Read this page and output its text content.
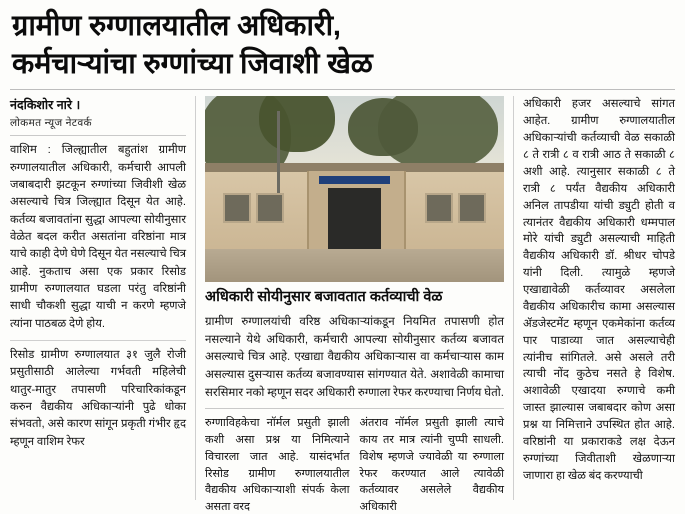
ग्रामीण रुग्णालयातील अधिकारी,
कर्मचाऱ्यांचा रुग्णांच्या जिवाशी खेळ
नंदकिशोर नारे ।
लोकमत न्यूज नेटवर्क

वाशिम : जिल्ह्यातील बहुतांश ग्रामीण रुग्णालयातील अधिकारी, कर्मचारी आपली जबाबदारी झटकून रुग्णांच्या जिवीशी खेळ असल्याचे चित्र जिल्ह्यात दिसून येत आहे. कर्तव्य बजावतांना सुद्धा आपल्या सोयीनुसार वेळेत बदल करीत असतांना वरिष्ठांना मात्र याचे काही देणे घेणे दिसून येत नसल्याचे चित्र आहे. नुकताच असा एक प्रकार रिसोड ग्रामीण रुग्णालयात घडला परंतु वरिष्ठांनी साधी चौकशी सुद्धा याची न करणे म्हणजे त्यांना पाठबळ देणे होय.

रिसोड ग्रामीण रुग्णालयात ३१ जुलै रोजी प्रसुतीसाठी आलेल्या गर्भवती महिलेची थातुर-मातुर तपासणी परिचारिकांकडून करुन वैद्यकीय अधिकाऱ्यांनी पुढे धोका संभवतो, असे कारण सांगून प्रकृती गंभीर हृद म्हणून वाशिम रेफर

अधिकारी सोयीनुसार बजावतात कर्तव्याची वेळ

ग्रामीण रुग्णालयांची वरिष्ठ अधिकाऱ्यांकडून नियमित तपासणी होत नसल्याने येथे अधिकारी, कर्मचारी आपल्या सोयीनुसार कर्तव्य बजावत असल्याचे चित्र आहे. एखाद्या वैद्यकीय अधिकाऱ्यास वा कर्मचाऱ्यास काम असल्यास दुसऱ्यास कर्तव्य बजावण्यास सांगण्यात येते. अशावेळी कामाचा सरसिमार नको म्हणून सदर अधिकारी रुग्णाला रेफर करण्याचा निर्णय घेतो.

रुग्णाविहकेचा नॉर्मल प्रसुती झाली कशी असा प्रश्न या निमित्याने विचारला जात आहे. यासंदर्भात रिसोड ग्रामीण रुग्णालयातील वैद्यकीय अधिकाऱ्याशी संपर्क केला असता वरद

अंतराव नॉर्मल प्रसुती झाली त्याचे काय तर मात्र त्यांनी चुप्पी साधली. विशेष म्हणजे ज्यावेळी या रुग्णाला रेफर करण्यात आले त्यावेळी कर्तव्यावर असलेले वैद्यकीय अधिकारी

अधिकारी हजर असल्याचे सांगत आहेत. ग्रामीण रुग्णालयातील अधिकाऱ्यांची कर्तव्याची वेळ सकाळी ८ ते रात्री ८ व रात्री आठ ते सकाळी ८ अशी आहे. त्यानुसार सकाळी ८ ते रात्री ८ पर्यंत वैद्यकीय अधिकारी अनिल तापडीया यांची ड्युटी होती व त्यानंतर वैद्यकीय अधिकारी धम्मपाल मोरे यांची ड्युटी असल्याची माहिती वैद्यकीय अधिकारी डॉ. श्रीधर चोपडे यांनी दिली. त्यामुळे म्हणजे एखाद्यावेळी कर्तव्यावर असलेला वैद्यकीय अधिकारीच कामा असल्यास ॲडजेस्टमेंट म्हणून एकमेकांना कर्तव्य पार पाडाव्या जात असल्याचेही त्यांनीच सांगितले. असे असले तरी त्याची नोंद कुठेच नसते हे विशेष. अशावेळी एखादया रुग्णाचे कमी जास्त झाल्यास जबाबदार कोण असा प्रश्न या निमित्ताने उपस्थित होत आहे. वरिष्ठांनी या प्रकाराकडे लक्ष देऊन रुग्णांच्या जिवीताशी खेळणाऱ्या जाणारा हा खेळ बंद करण्याची
